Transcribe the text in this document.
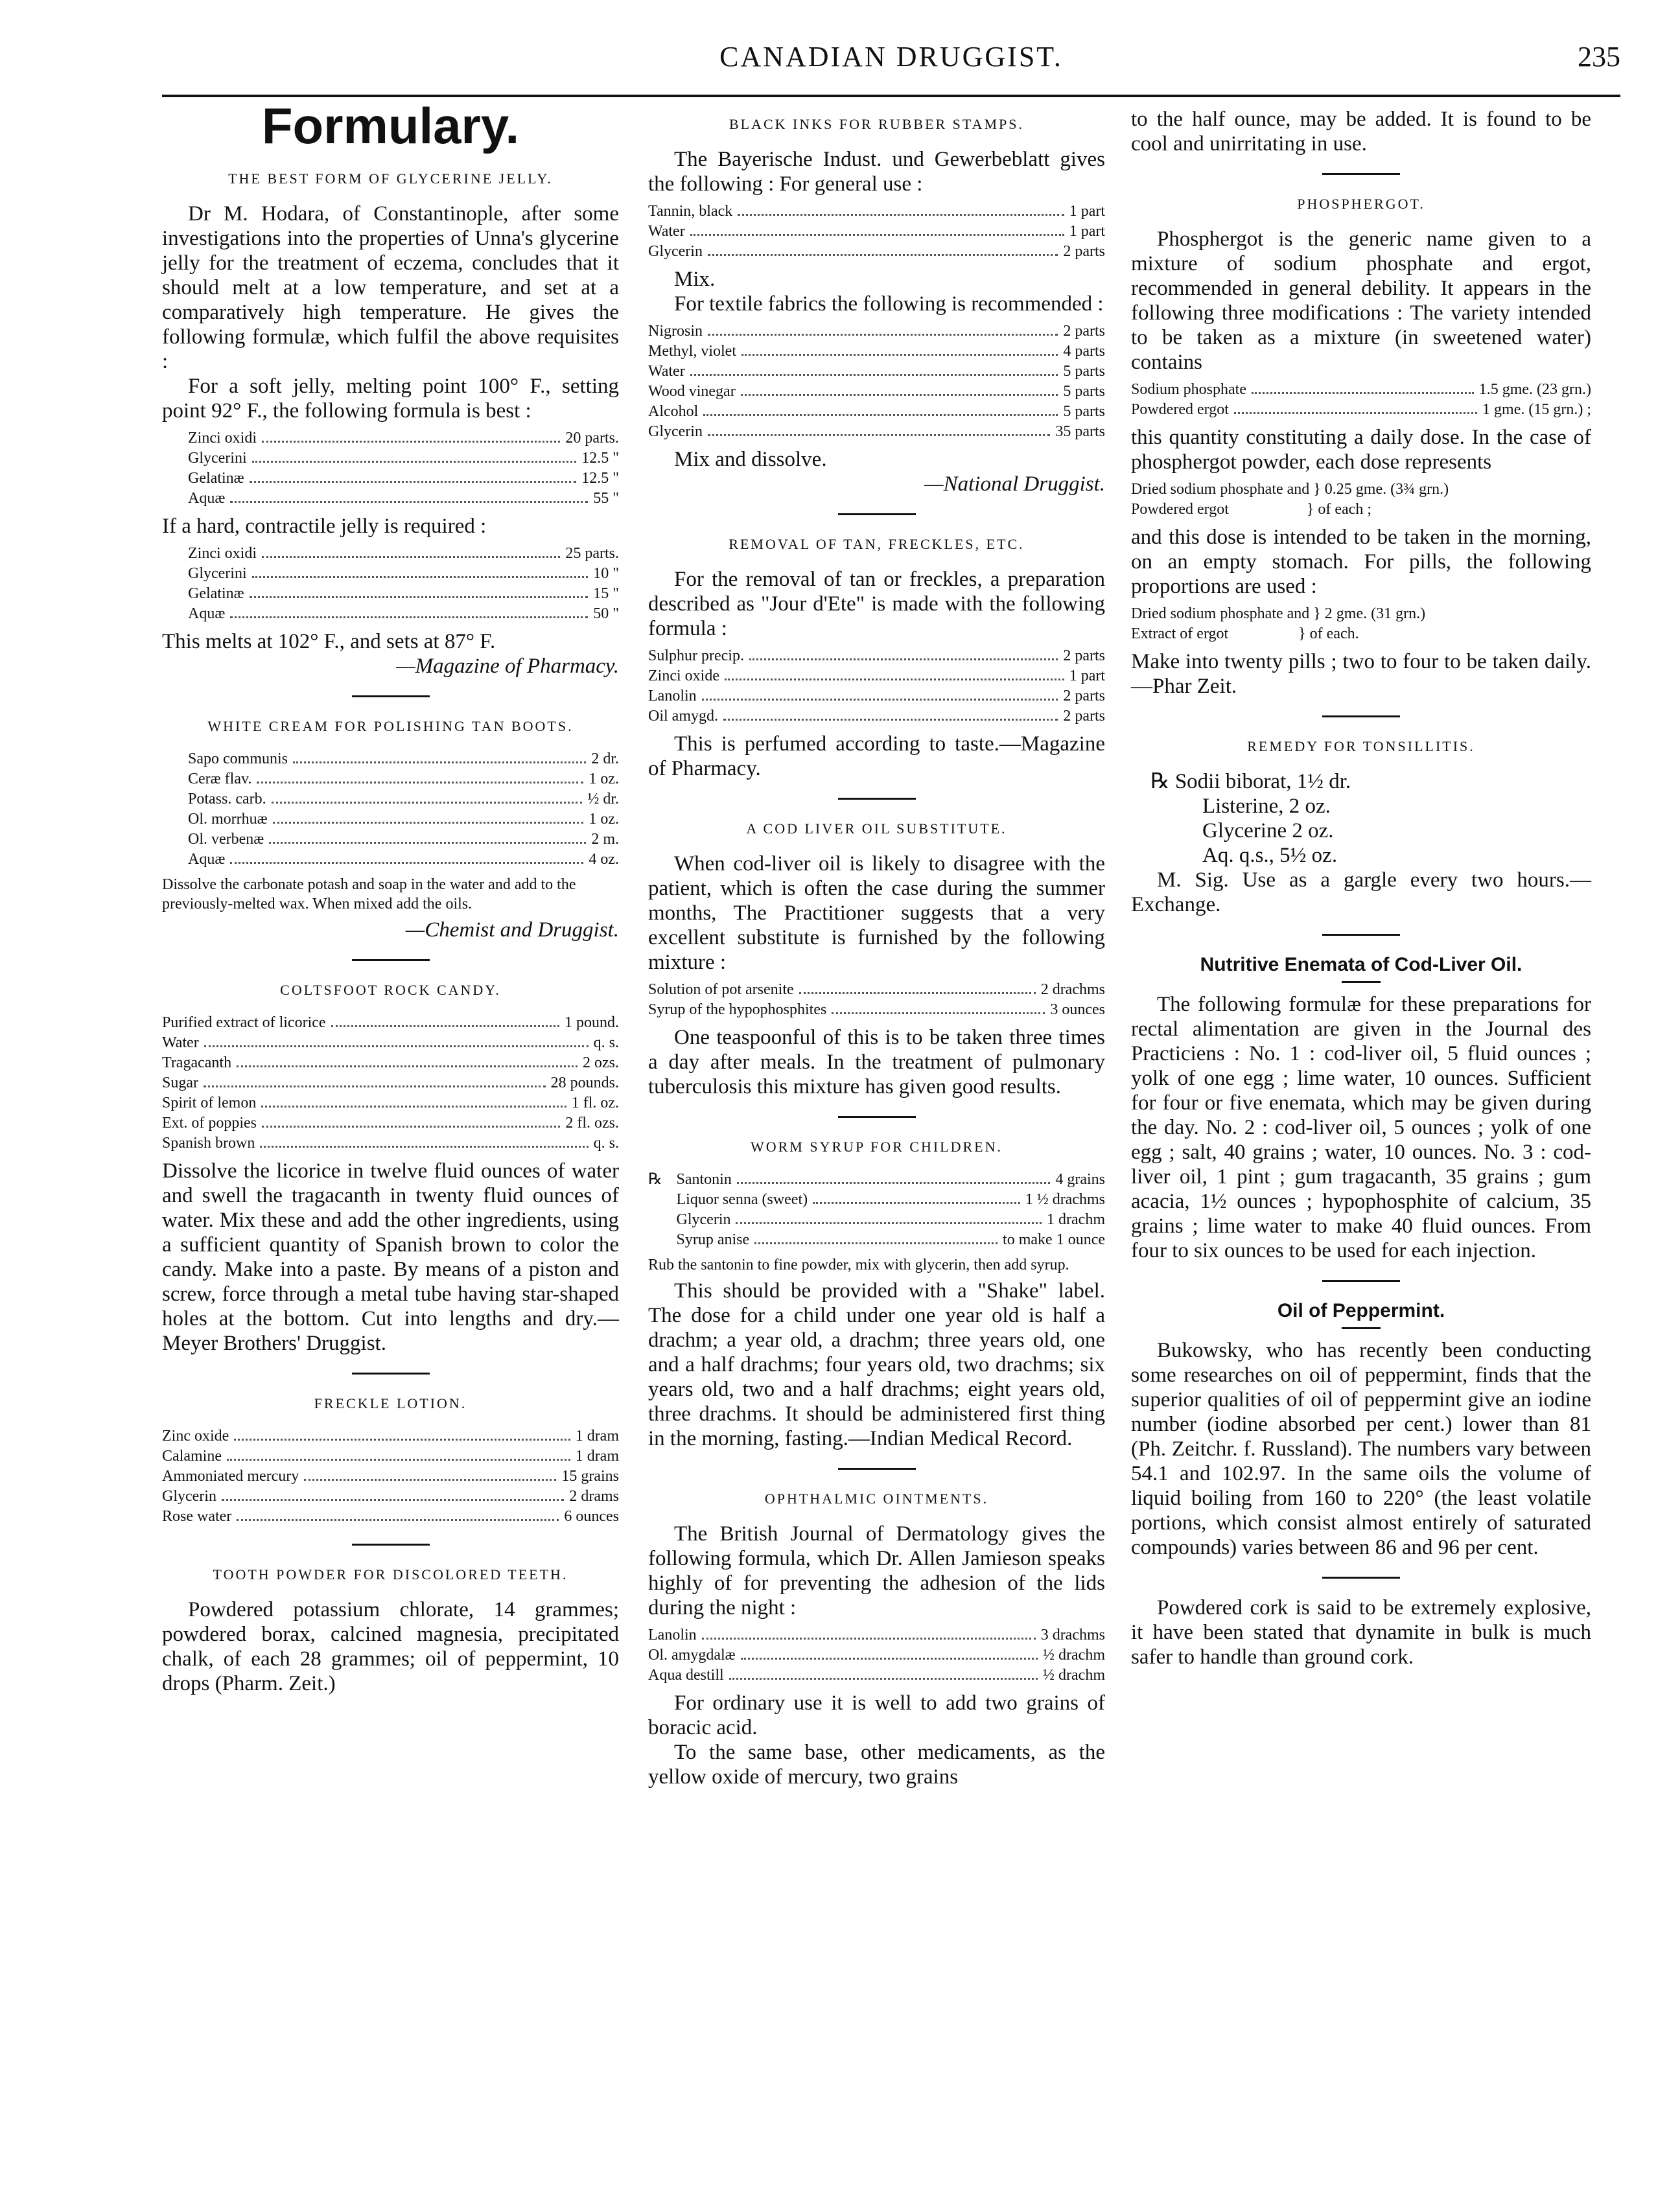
CANADIAN DRUGGIST.	235
Formulary.
THE BEST FORM OF GLYCERINE JELLY.

Dr M. Hodara, of Constantinople, after some investigations into the properties of Unna's glycerine jelly for the treatment of eczema, concludes that it should melt at a low temperature, and set at a comparatively high temperature. He gives the following formulæ, which fulfil the above requisites :

For a soft jelly, melting point 100° F., setting point 92° F., the following formula is best :

Zinci oxidi	20 parts.
Glycerini	12.5 "
Gelatinæ	12.5 "
Aquæ	55 "

If a hard, contractile jelly is required :

Zinci oxidi	25 parts.
Glycerini	10 "
Gelatinæ	15 "
Aquæ	50 "

This melts at 102° F., and sets at 87° F.

—Magazine of Pharmacy.

WHITE CREAM FOR POLISHING TAN BOOTS.
Sapo communis	2 dr.
Ceræ flav.	1 oz.
Potass. carb.	½ dr.
Ol. morrhuæ	1 oz.
Ol. verbenæ	2 m.
Aquæ	4 oz.

Dissolve the carbonate potash and soap in the water and add to the previously-melted wax. When mixed add the oils.

—Chemist and Druggist.

COLTSFOOT ROCK CANDY.
Purified extract of licorice	1 pound.
Water	q. s.
Tragacanth	2 ozs.
Sugar	28 pounds.
Spirit of lemon	1 fl. oz.
Ext. of poppies	2 fl. ozs.
Spanish brown	q. s.

Dissolve the licorice in twelve fluid ounces of water and swell the tragacanth in twenty fluid ounces of water. Mix these and add the other ingredients, using a sufficient quantity of Spanish brown to color the candy. Make into a paste. By means of a piston and screw, force through a metal tube having star-shaped holes at the bottom. Cut into lengths and dry.—Meyer Brothers' Druggist.

FRECKLE LOTION.
Zinc oxide	1 dram
Calamine	1 dram
Ammoniated mercury	15 grains
Glycerin	2 drams
Rose water	6 ounces
TOOTH POWDER FOR DISCOLORED TEETH.

Powdered potassium chlorate, 14 grammes; powdered borax, calcined magnesia, precipitated chalk, of each 28 grammes; oil of peppermint, 10 drops (Pharm. Zeit.)

BLACK INKS FOR RUBBER STAMPS.

The Bayerische Indust. und Gewerbeblatt gives the following : For general use :

Tannin, black	1 part
Water	1 part
Glycerin	2 parts

Mix.

For textile fabrics the following is recommended :

Nigrosin	2 parts
Methyl, violet	4 parts
Water	5 parts
Wood vinegar	5 parts
Alcohol	5 parts
Glycerin	35 parts

Mix and dissolve.

—National Druggist.

REMOVAL OF TAN, FRECKLES, ETC.

For the removal of tan or freckles, a preparation described as "Jour d'Ete" is made with the following formula :

Sulphur precip.	2 parts
Zinci oxide	1 part
Lanolin	2 parts
Oil amygd.	2 parts

This is perfumed according to taste.—Magazine of Pharmacy.

A COD LIVER OIL SUBSTITUTE.

When cod-liver oil is likely to disagree with the patient, which is often the case during the summer months, The Practitioner suggests that a very excellent substitute is furnished by the following mixture :

Solution of pot arsenite	2 drachms
Syrup of the hypophosphites	3 ounces

One teaspoonful of this is to be taken three times a day after meals. In the treatment of pulmonary tuberculosis this mixture has given good results.

WORM SYRUP FOR CHILDREN.
℞ Santonin	4 grains
Liquor senna (sweet)	1 ½ drachms
Glycerin	1 drachm
Syrup anise	to make 1 ounce

Rub the santonin to fine powder, mix with glycerin, then add syrup.

This should be provided with a "Shake" label. The dose for a child under one year old is half a drachm; a year old, a drachm; three years old, one and a half drachms; four years old, two drachms; six years old, two and a half drachms; eight years old, three drachms. It should be administered first thing in the morning, fasting.—Indian Medical Record.

OPHTHALMIC OINTMENTS.

The British Journal of Dermatology gives the following formula, which Dr. Allen Jamieson speaks highly of for preventing the adhesion of the lids during the night :

Lanolin	3 drachms
Ol. amygdalæ	½ drachm
Aqua destill	½ drachm

For ordinary use it is well to add two grains of boracic acid.

To the same base, other medicaments, as the yellow oxide of mercury, two grains

to the half ounce, may be added. It is found to be cool and unirritating in use.

PHOSPHERGOT.

Phosphergot is the generic name given to a mixture of sodium phosphate and ergot, recommended in general debility. It appears in the following three modifications : The variety intended to be taken as a mixture (in sweetened water) contains

Sodium phosphate	1.5 gme. (23 grn.)
Powdered ergot	1 gme. (15 grn.) ;

this quantity constituting a daily dose. In the case of phosphergot powder, each dose represents

Dried sodium phosphate and } 0.25 gme. (3¾ grn.)
Powdered ergot                    } of each ;

and this dose is intended to be taken in the morning, on an empty stomach. For pills, the following proportions are used :

Dried sodium phosphate and } 2 gme. (31 grn.)
Extract of ergot                  } of each.

Make into twenty pills ; two to four to be taken daily.—Phar Zeit.

REMEDY FOR TONSILLITIS.

℞ Sodii biborat, 1½ dr.

Listerine, 2 oz.

Glycerine 2 oz.

Aq. q.s., 5½ oz.

M. Sig. Use as a gargle every two hours.—Exchange.

Nutritive Enemata of Cod-Liver Oil.

The following formulæ for these preparations for rectal alimentation are given in the Journal des Practiciens : No. 1 : cod-liver oil, 5 fluid ounces ; yolk of one egg ; lime water, 10 ounces. Sufficient for four or five enemata, which may be given during the day. No. 2 : cod-liver oil, 5 ounces ; yolk of one egg ; salt, 40 grains ; water, 10 ounces. No. 3 : cod-liver oil, 1 pint ; gum tragacanth, 35 grains ; gum acacia, 1½ ounces ; hypophosphite of calcium, 35 grains ; lime water to make 40 fluid ounces. From four to six ounces to be used for each injection.

Oil of Peppermint.

Bukowsky, who has recently been conducting some researches on oil of peppermint, finds that the superior qualities of oil of peppermint give an iodine number (iodine absorbed per cent.) lower than 81 (Ph. Zeitchr. f. Russland). The numbers vary between 54.1 and 102.97. In the same oils the volume of liquid boiling from 160 to 220° (the least volatile portions, which consist almost entirely of saturated compounds) varies between 86 and 96 per cent.

Powdered cork is said to be extremely explosive, it have been stated that dynamite in bulk is much safer to handle than ground cork.
